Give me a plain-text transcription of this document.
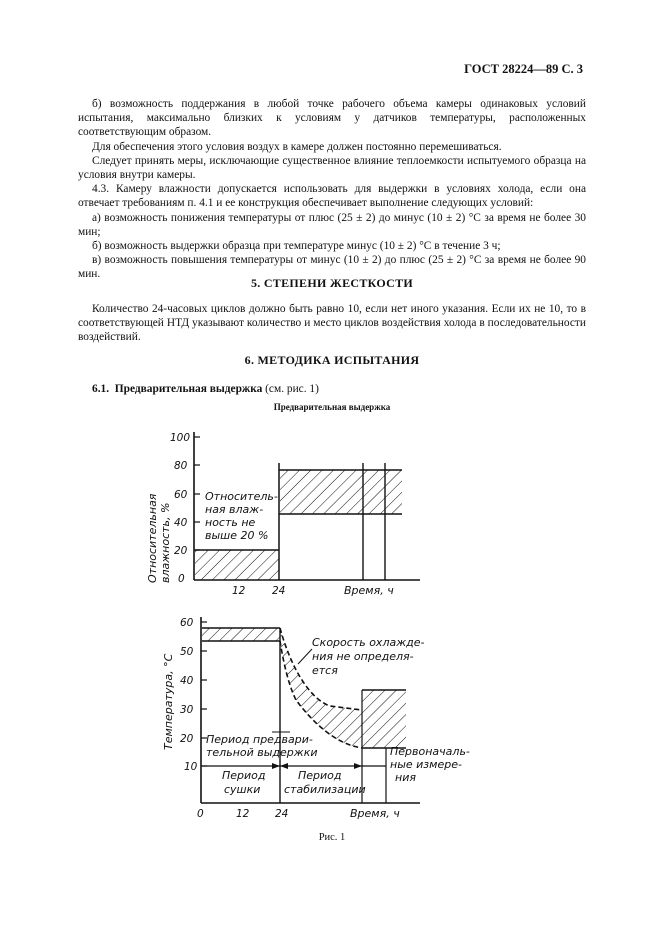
ГОСТ 28224—89 С. 3

б) возможность поддержания в любой точке рабочего объема камеры одинаковых условий испытания, максимально близких к условиям у датчиков температуры, расположенных соответствующим образом.

Для обеспечения этого условия воздух в камере должен постоянно перемешиваться.

Следует принять меры, исключающие существенное влияние теплоемкости испытуемого образца на условия внутри камеры.

4.3. Камеру влажности допускается использовать для выдержки в условиях холода, если она отвечает требованиям п. 4.1 и ее конструкция обеспечивает выполнение следующих условий:

а) возможность понижения температуры от плюс (25 ± 2) до минус (10 ± 2) °С за время не более 30 мин;

б) возможность выдержки образца при температуре минус (10 ± 2) °С в течение 3 ч;

в) возможность повышения температуры от минус (10 ± 2) до плюс (25 ± 2) °С за время не более 90 мин.

5. СТЕПЕНИ ЖЕСТКОСТИ

Количество 24-часовых циклов должно быть равно 10, если нет иного указания. Если их не 10, то в соответствующей НТД указывают количество и место циклов воздействия холода в последовательности воздействий.

6. МЕТОДИКА ИСПЫТАНИЯ
6.1. Предварительная выдержка (см. рис. 1)
Предварительная выдержка
100
80
60
40
20
0
Относительная влажность, %
Относитель-
ная влаж-
ность не
выше 20 %
12	24	Время, ч
60
50
40
30
20
10
Температура, °С
Скорость охлажде-
ния не определя-
ется
Период предвари-
тельной выдержки
Период
сушки
Период
стабилизации
Первоначаль-
ные измере-
ния
0	12 24	Время, ч
Рис. 1
